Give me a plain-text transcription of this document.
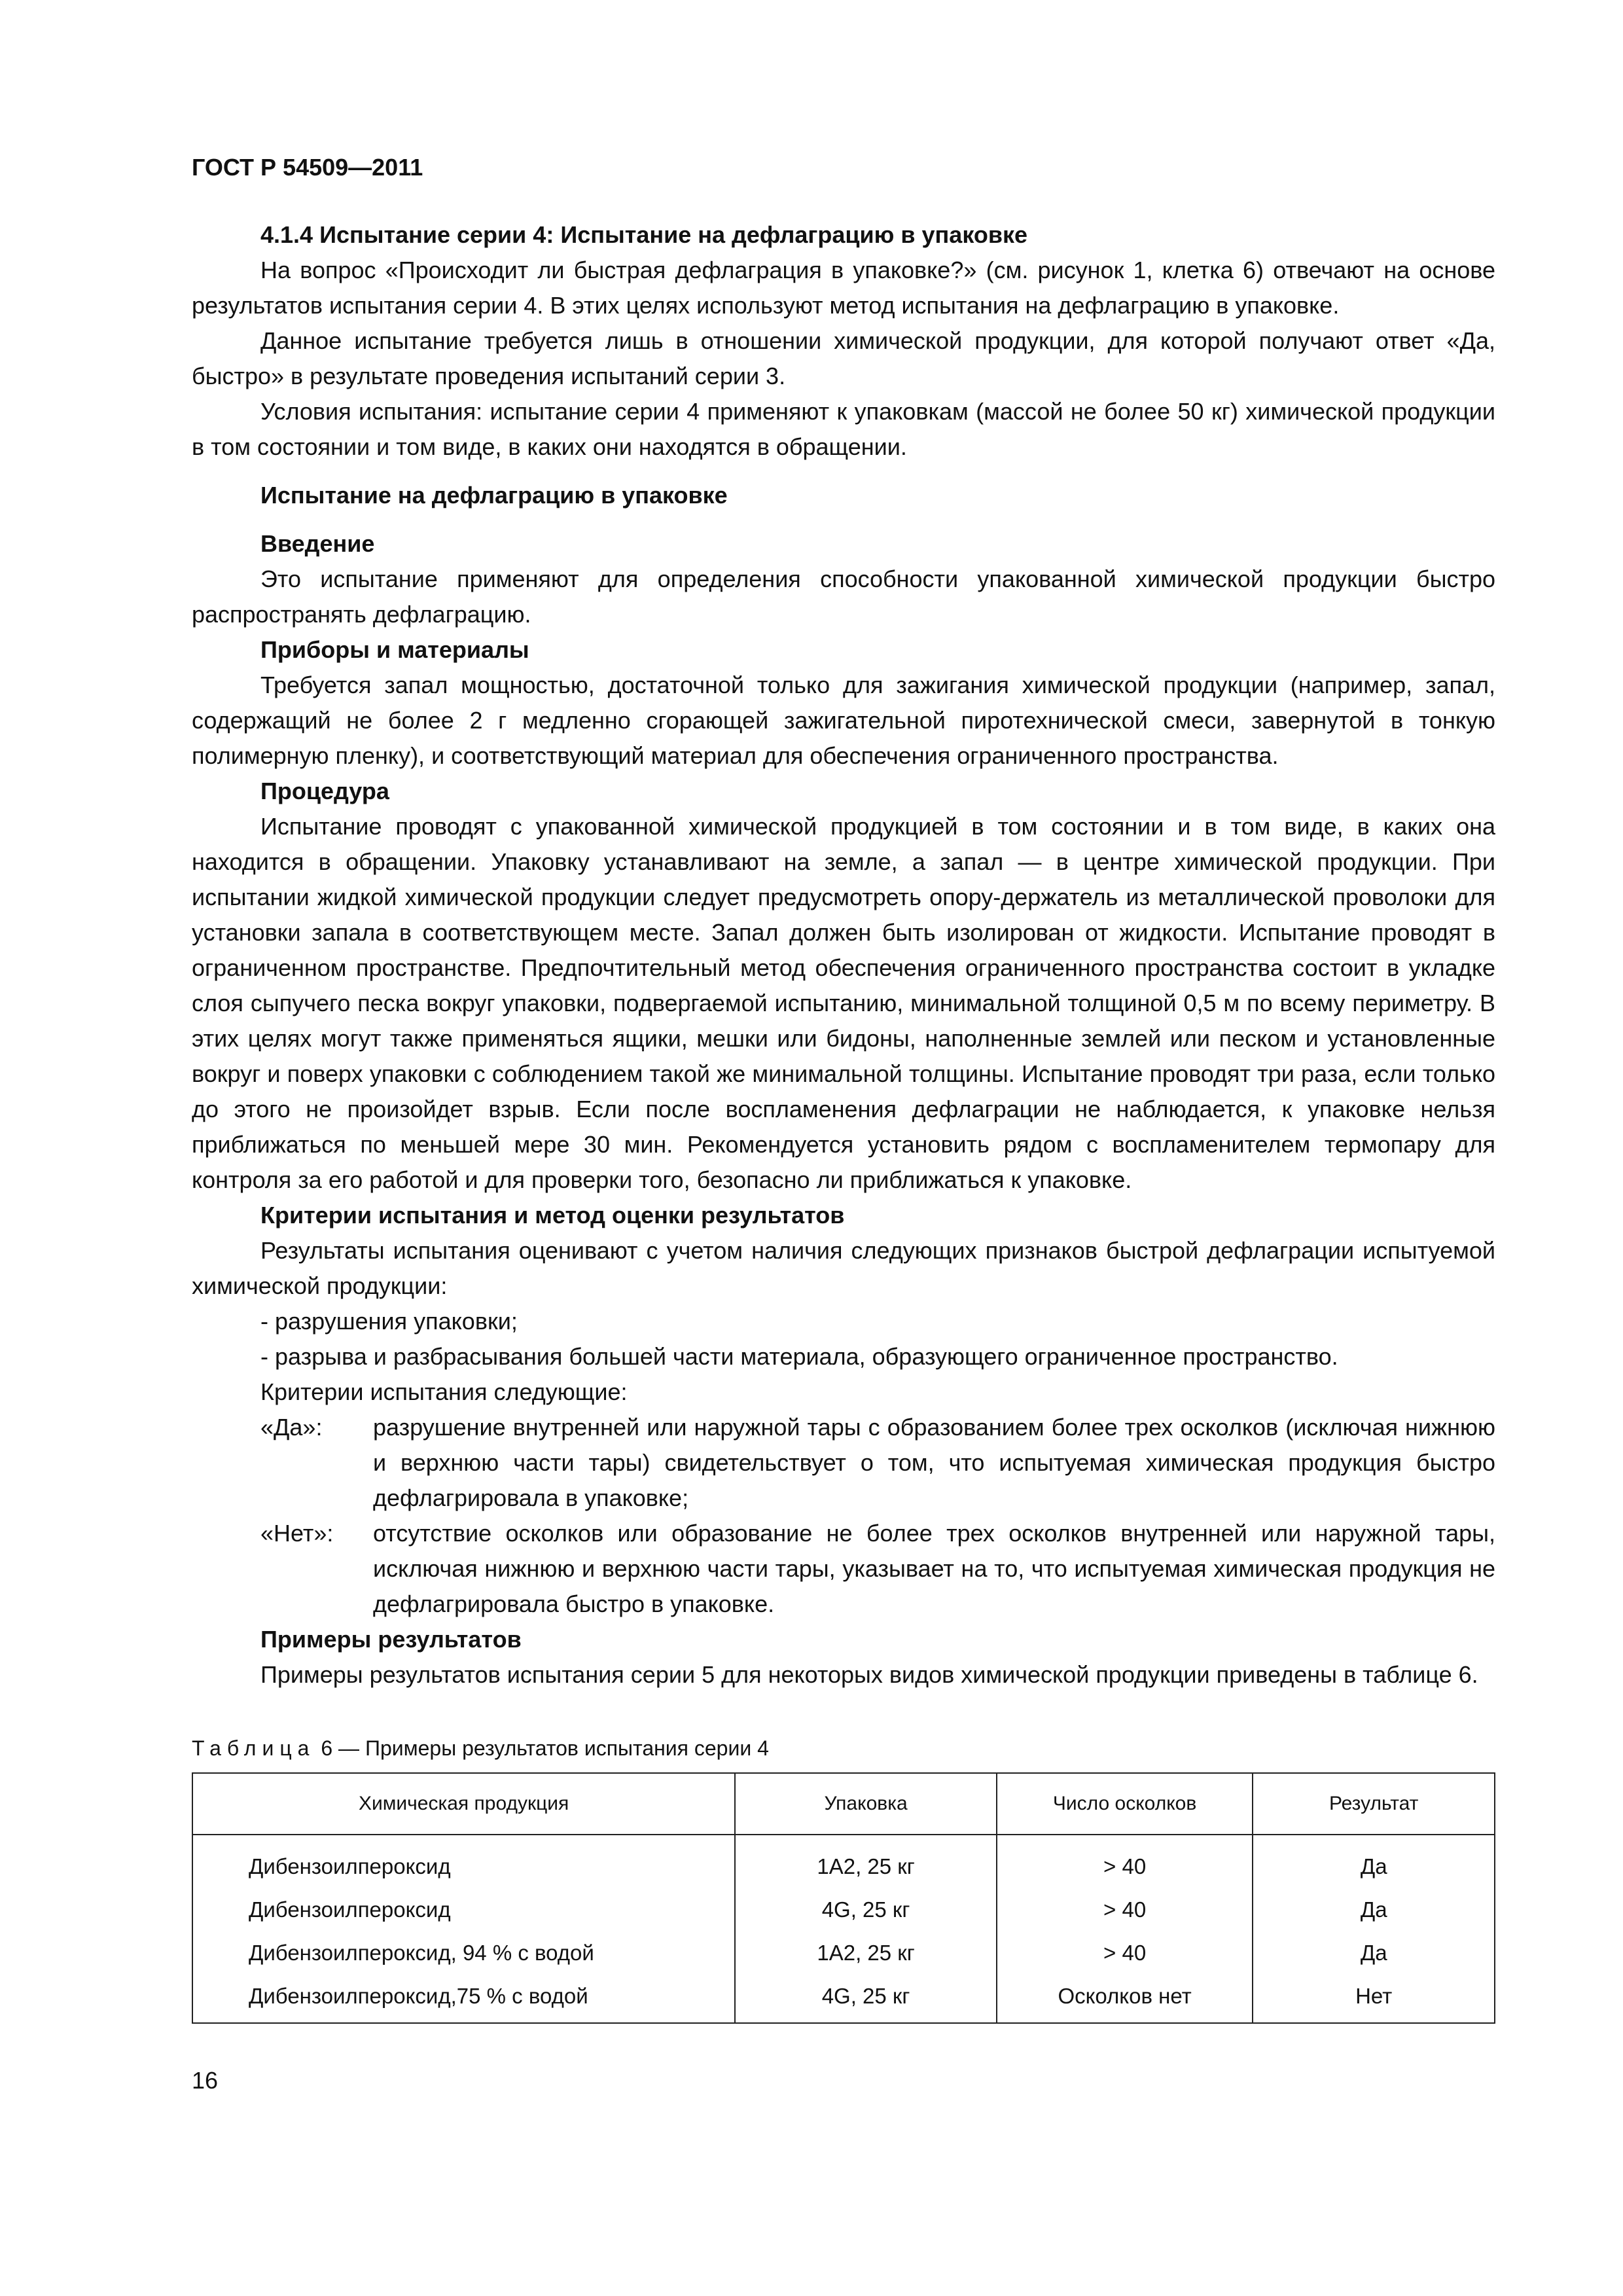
ГОСТ Р 54509—2011
4.1.4 Испытание серии 4: Испытание на дефлаграцию в упаковке

На вопрос «Происходит ли быстрая дефлаграция в упаковке?» (см. рисунок 1, клетка 6) отвечают на основе результатов испытания серии 4. В этих целях используют метод испытания на дефлаграцию в упаковке.

Данное испытание требуется лишь в отношении химической продукции, для которой получают ответ «Да, быстро» в результате проведения испытаний серии 3.

Условия испытания: испытание серии 4 применяют к упаковкам (массой не более 50 кг) химической продукции в том состоянии и том виде, в каких они находятся в обращении.

Испытание на дефлаграцию в упаковке
Введение

Это испытание применяют для определения способности упакованной химической продукции быстро распространять дефлаграцию.

Приборы и материалы

Требуется запал мощностью, достаточной только для зажигания химической продукции (например, запал, содержащий не более 2 г медленно сгорающей зажигательной пиротехнической смеси, завернутой в тонкую полимерную пленку), и соответствующий материал для обеспечения ограниченного пространства.

Процедура

Испытание проводят с упакованной химической продукцией в том состоянии и в том виде, в каких она находится в обращении. Упаковку устанавливают на земле, а запал — в центре химической продукции. При испытании жидкой химической продукции следует предусмотреть опору-держатель из металлической проволоки для установки запала в соответствующем месте. Запал должен быть изолирован от жидкости. Испытание проводят в ограниченном пространстве. Предпочтительный метод обеспечения ограниченного пространства состоит в укладке слоя сыпучего песка вокруг упаковки, подвергаемой испытанию, минимальной толщиной 0,5 м по всему периметру. В этих целях могут также применяться ящики, мешки или бидоны, наполненные землей или песком и установленные вокруг и поверх упаковки с соблюдением такой же минимальной толщины. Испытание проводят три раза, если только до этого не произойдет взрыв. Если после воспламенения дефлаграции не наблюдается, к упаковке нельзя приближаться по меньшей мере 30 мин. Рекомендуется установить рядом с воспламенителем термопару для контроля за его работой и для проверки того, безопасно ли приближаться к упаковке.

Критерии испытания и метод оценки результатов

Результаты испытания оценивают с учетом наличия следующих признаков быстрой дефлаграции испытуемой химической продукции:

- разрушения упаковки;
- разрыва и разбрасывания большей части материала, образующего ограниченное пространство.
Критерии испытания следующие:
«Да»:	разрушение внутренней или наружной тары с образованием более трех осколков (исключая нижнюю и верхнюю части тары) свидетельствует о том, что испытуемая химическая продукция быстро дефлагрировала в упаковке;
«Нет»:	отсутствие осколков или образование не более трех осколков внутренней или наружной тары, исключая нижнюю и верхнюю части тары, указывает на то, что испытуемая химическая продукция не дефлагрировала быстро в упаковке.
Примеры результатов

Примеры результатов испытания серии 5 для некоторых видов химической продукции приведены в таблице 6.

Таблица 6 — Примеры результатов испытания серии 4
Химическая продукция	Упаковка	Число осколков	Результат
Дибензоилпероксид	1А2, 25 кг	> 40	Да
Дибензоилпероксид	4G, 25 кг	> 40	Да
Дибензоилпероксид, 94 % с водой	1А2, 25 кг	> 40	Да
Дибензоилпероксид,75 % с водой	4G, 25 кг	Осколков нет	Нет
16
